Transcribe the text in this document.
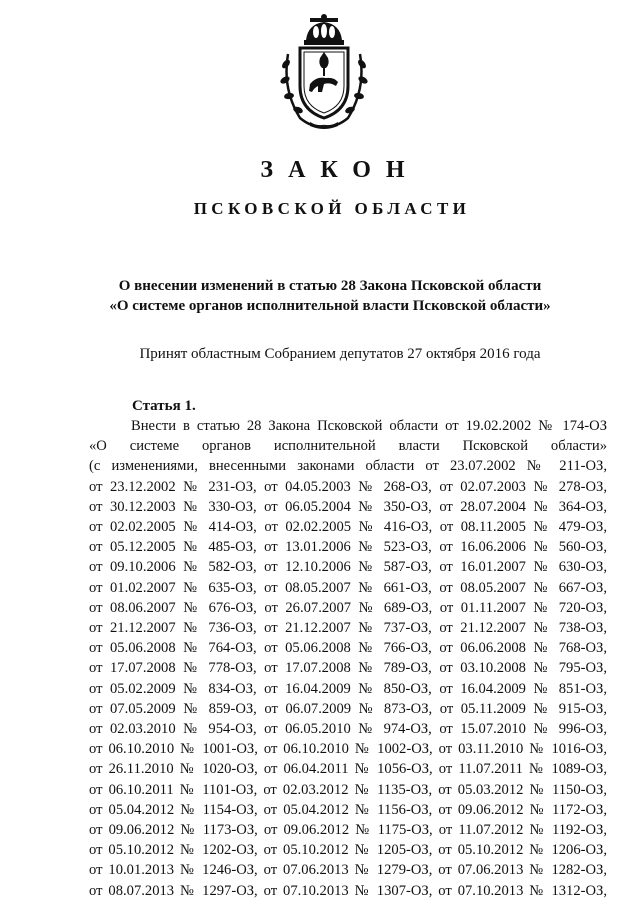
ЗАКОН
ПСКОВСКОЙ ОБЛАСТИ
О внесении изменений в статью 28 Закона Псковской области
«О системе органов исполнительной власти Псковской области»
Принят областным Собранием депутатов 27 октября 2016 года
Статья 1.
Внести в статью 28 Закона Псковской области от 19.02.2002 № 174-ОЗ
«О системе органов исполнительной власти Псковской области»
(с изменениями, внесенными законами области от 23.07.2002 № 211-ОЗ,
от 23.12.2002 № 231-ОЗ, от 04.05.2003 № 268-ОЗ, от 02.07.2003 № 278-ОЗ,
от 30.12.2003 № 330-ОЗ, от 06.05.2004 № 350-ОЗ, от 28.07.2004 № 364-ОЗ,
от 02.02.2005 № 414-ОЗ, от 02.02.2005 № 416-ОЗ, от 08.11.2005 № 479-ОЗ,
от 05.12.2005 № 485-ОЗ, от 13.01.2006 № 523-ОЗ, от 16.06.2006 № 560-ОЗ,
от 09.10.2006 № 582-ОЗ, от 12.10.2006 № 587-ОЗ, от 16.01.2007 № 630-ОЗ,
от 01.02.2007 № 635-ОЗ, от 08.05.2007 № 661-ОЗ, от 08.05.2007 № 667-ОЗ,
от 08.06.2007 № 676-ОЗ, от 26.07.2007 № 689-ОЗ, от 01.11.2007 № 720-ОЗ,
от 21.12.2007 № 736-ОЗ, от 21.12.2007 № 737-ОЗ, от 21.12.2007 № 738-ОЗ,
от 05.06.2008 № 764-ОЗ, от 05.06.2008 № 766-ОЗ, от 06.06.2008 № 768-ОЗ,
от 17.07.2008 № 778-ОЗ, от 17.07.2008 № 789-ОЗ, от 03.10.2008 № 795-ОЗ,
от 05.02.2009 № 834-ОЗ, от 16.04.2009 № 850-ОЗ, от 16.04.2009 № 851-ОЗ,
от 07.05.2009 № 859-ОЗ, от 06.07.2009 № 873-ОЗ, от 05.11.2009 № 915-ОЗ,
от 02.03.2010 № 954-ОЗ, от 06.05.2010 № 974-ОЗ, от 15.07.2010 № 996-ОЗ,
от 06.10.2010 № 1001-ОЗ, от 06.10.2010 № 1002-ОЗ, от 03.11.2010 № 1016-ОЗ,
от 26.11.2010 № 1020-ОЗ, от 06.04.2011 № 1056-ОЗ, от 11.07.2011 № 1089-ОЗ,
от 06.10.2011 № 1101-ОЗ, от 02.03.2012 № 1135-ОЗ, от 05.03.2012 № 1150-ОЗ,
от 05.04.2012 № 1154-ОЗ, от 05.04.2012 № 1156-ОЗ, от 09.06.2012 № 1172-ОЗ,
от 09.06.2012 № 1173-ОЗ, от 09.06.2012 № 1175-ОЗ, от 11.07.2012 № 1192-ОЗ,
от 05.10.2012 № 1202-ОЗ, от 05.10.2012 № 1205-ОЗ, от 05.10.2012 № 1206-ОЗ,
от 10.01.2013 № 1246-ОЗ, от 07.06.2013 № 1279-ОЗ, от 07.06.2013 № 1282-ОЗ,
от 08.07.2013 № 1297-ОЗ, от 07.10.2013 № 1307-ОЗ, от 07.10.2013 № 1312-ОЗ,
